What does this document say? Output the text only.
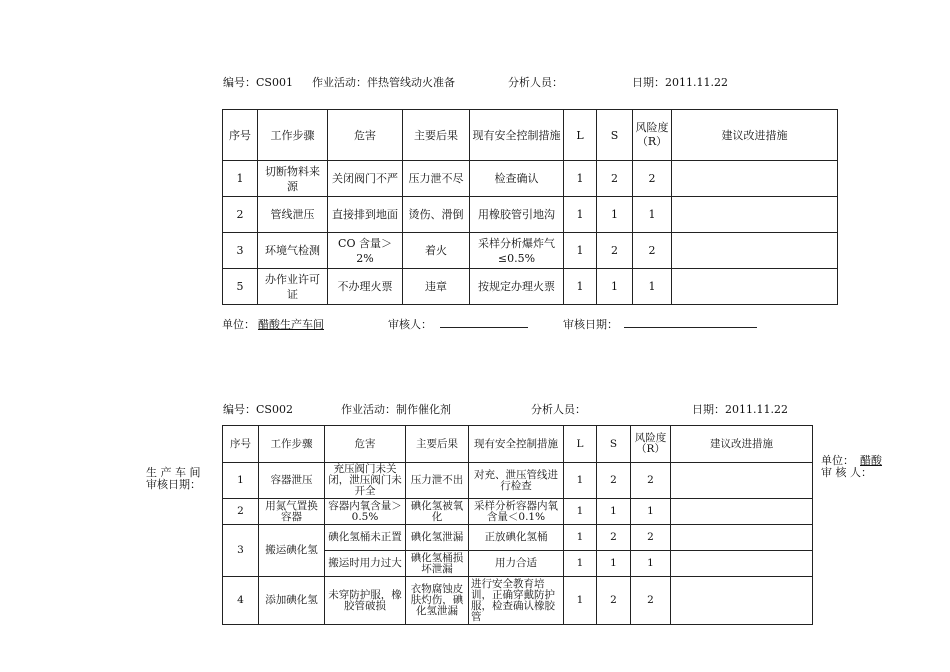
编号：CS001 作业活动：伴热管线动火准备	分析人员：	日期：2011.11.22
序号	工作步骤	危害	主要后果	现有安全控制措施	L	S	风险度（R）	建议改进措施
1	切断物料来源	关闭阀门不严	压力泄不尽	检查确认	1	2	2	
2	管线泄压	直接排到地面	烫伤、滑倒	用橡胶管引地沟	1	1	1	
3	环境气检测	CO 含量＞2%	着火	采样分析爆炸气≤0.5%	1	2	2	
5	办作业许可证	不办理火票	违章	按规定办理火票	1	1	1	
单位： 醋酸生产车间	审核人：	审核日期：
编号：CS002	作业活动：制作催化剂	分析人员：	日期：2011.11.22
生 产 车 间
审核日期：
单位： 醋酸
审 核 人：
序号	工作步骤	危害	主要后果	现有安全控制措施	L	S	风险度（R）	建议改进措施
1	容器泄压	充压阀门未关闭，泄压阀门未开全	压力泄不出	对充、泄压管线进行检查	1	2	2	
2	用氮气置换容器	容器内氧含量＞0.5%	碘化氢被氧化	采样分析容器内氧含量＜0.1%	1	1	1	
3	搬运碘化氢	碘化氢桶未正置	碘化氢泄漏	正放碘化氢桶	1	2	2	
		搬运时用力过大	碘化氢桶损坏泄漏	用力合适	1	1	1	
4	添加碘化氢	未穿防护服，橡胶管破损	衣物腐蚀皮肤灼伤，碘化氢泄漏	进行安全教育培训，正确穿戴防护服，检查确认橡胶管	1	2	2	
